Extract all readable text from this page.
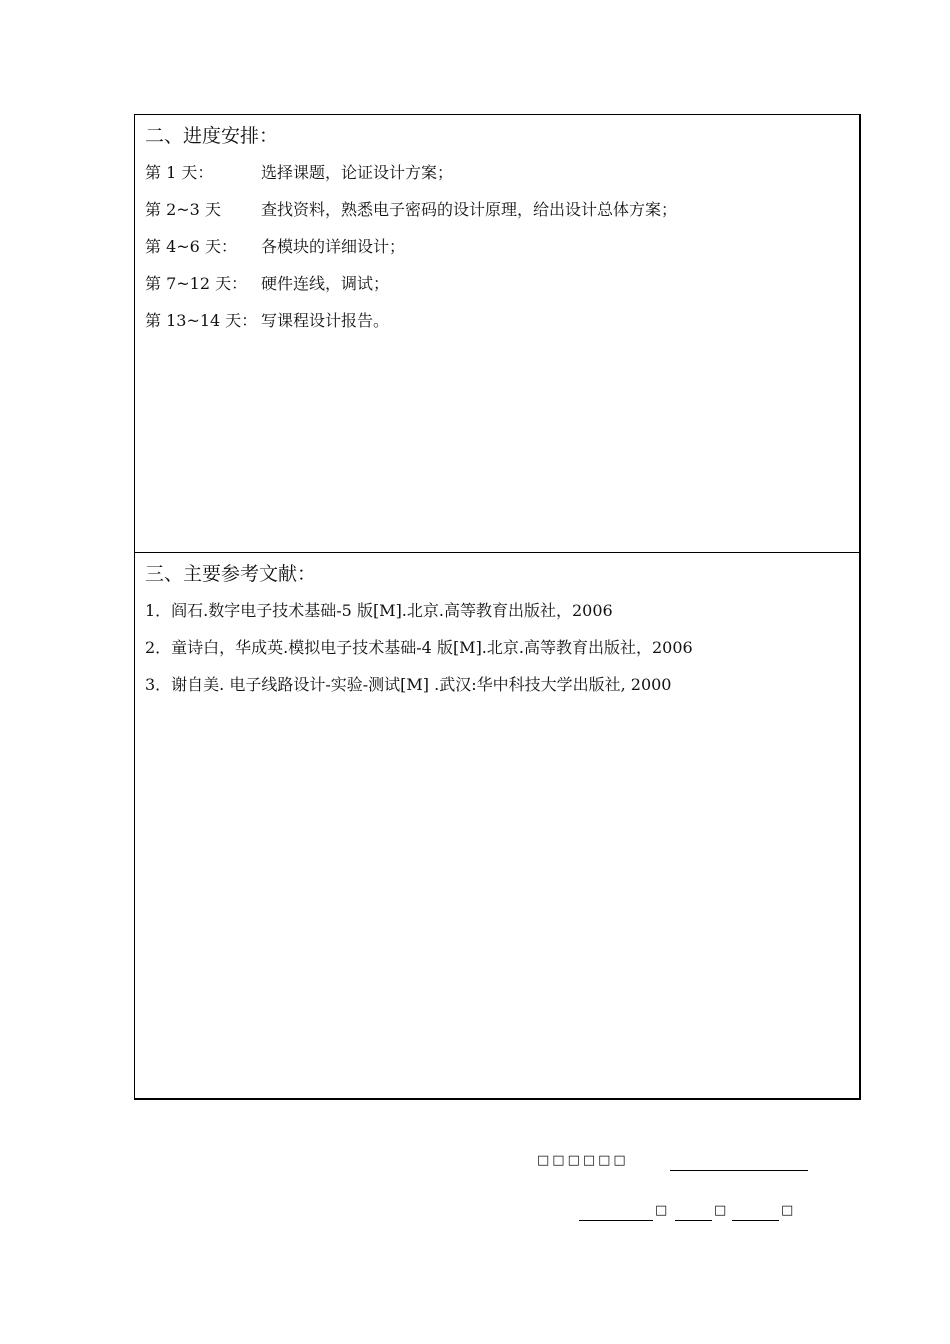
二、进度安排：
第 1 天：	选择课题，论证设计方案；
第 2~3 天	查找资料，熟悉电子密码的设计原理，给出设计总体方案；
第 4~6 天：	各模块的详细设计；
第 7~12 天： 硬件连线，调试；
第 13~14 天： 写课程设计报告。
三、主要参考文献：
1．阎石.数字电子技术基础-5 版[M].北京.高等教育出版社，2006
2．童诗白，华成英.模拟电子技术基础-4 版[M].北京.高等教育出版社，2006
3．谢自美. 电子线路设计-实验-测试[M] .武汉:华中科技大学出版社, 2000
□□□□□□
□	□	□
